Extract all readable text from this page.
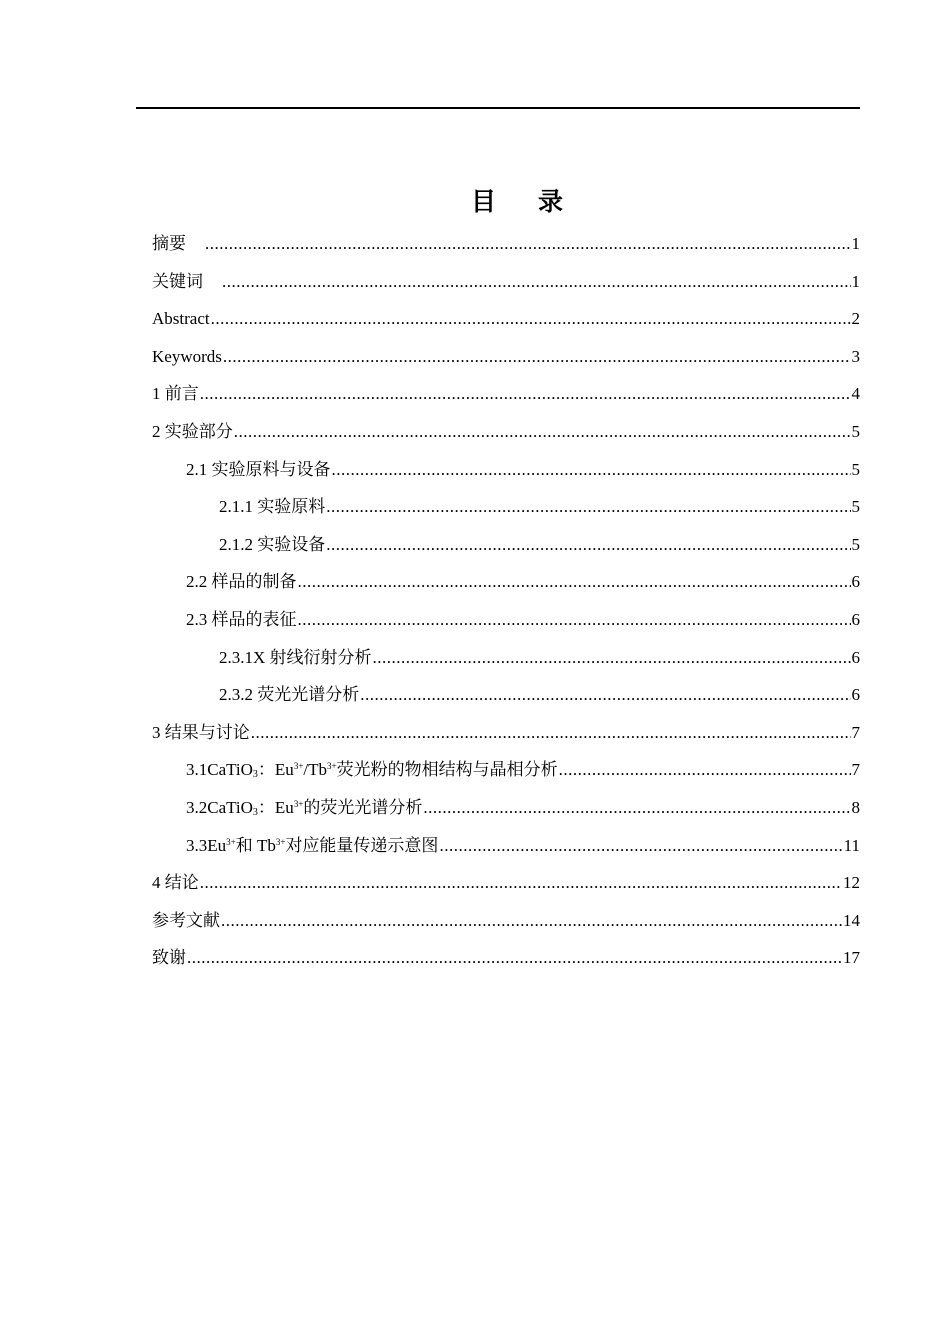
目 录
摘要 .....	1
关键词 .....	1
Abstract .....	2
Keywords .....	3
1 前言 .....	4
2 实验部分 .....	5
2.1 实验原料与设备 .....	5
2.1.1 实验原料 .....	5
2.1.2 实验设备 .....	5
2.2 样品的制备 .....	6
2.3 样品的表征 .....	6
2.3.1X 射线衍射分析 .....	6
2.3.2 荧光光谱分析 .....	6
3 结果与讨论 .....	7
3.1CaTiO$_3$：$Eu^{3+}/Tb^{3+}$荧光粉的物相结构与晶相分析 .....	7
3.2CaTiO$_3$：$Eu^{3+}$的荧光光谱分析 .....	8
$3.3Eu^{3+}$和 $Tb^{3+}$对应能量传递示意图 .....	11
4 结论 .....	12
参考文献 .....	14
致谢 .....	17
